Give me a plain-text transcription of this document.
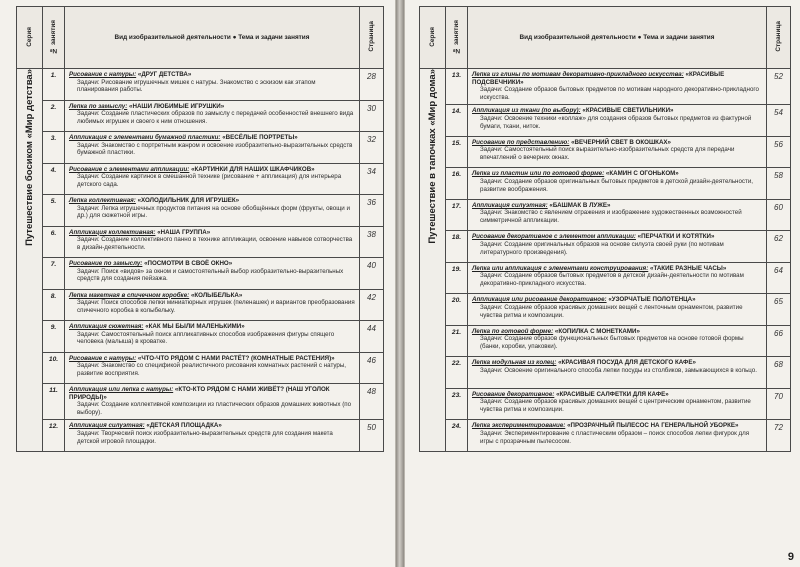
Серия	№ занятия	Вид изобразительной деятельности ● Тема и задачи занятия	Страница
Путешествие босиком «Мир детства»	1.	Рисование с натуры: «ДРУГ ДЕТСТВА»
Задачи: Рисование игрушечных мишек с натуры. Знакомство с эскизом как этапом планирования работы.	28
	2.	Лепка по замыслу: «НАШИ ЛЮБИМЫЕ ИГРУШКИ»
Задачи: Создание пластических образов по замыслу с передачей особенностей внешнего вида любимых игрушек и своего к ним отношения.	30
	3.	Аппликация с элементами бумажной пластики: «ВЕСЁЛЫЕ ПОРТРЕТЫ»
Задачи: Знакомство с портретным жанром и освоение изобразительно-выразительных средств бумажной пластики.	32
	4.	Рисование с элементами аппликации: «КАРТИНКИ ДЛЯ НАШИХ ШКАФЧИКОВ»
Задачи: Создание картинок в смешанной технике (рисование + аппликация) для интерьера детского сада.	34
	5.	Лепка коллективная: «ХОЛОДИЛЬНИК ДЛЯ ИГРУШЕК»
Задачи: Лепка игрушечных продуктов питания на основе обобщённых форм (фрукты, овощи и др.) для сюжетной игры.	36
	6.	Аппликация коллективная: «НАША ГРУППА»
Задачи: Создание коллективного панно в технике аппликации, освоение навыков сотворчества в дизайн-деятельности.	38
	7.	Рисование по замыслу: «ПОСМОТРИ В СВОЁ ОКНО»
Задачи: Поиск «видов» за окном и самостоятельный выбор изобразительно-выразительных средств для создания пейзажа.	40
	8.	Лепка макетная в спичечном коробке: «КОЛЫБЕЛЬКА»
Задачи: Поиск способов лепки миниатюрных игрушек (пеленашек) и вариантов преобразования спичечного коробка в колыбельку.	42
	9.	Аппликация сюжетная: «КАК МЫ БЫЛИ МАЛЕНЬКИМИ»
Задачи: Самостоятельный поиск аппликативных способов изображения фигуры спящего человека (малыша) в кроватке.	44
	10.	Рисование с натуры: «ЧТО-ЧТО РЯДОМ С НАМИ РАСТЁТ? (КОМНАТНЫЕ РАСТЕНИЯ)»
Задачи: Знакомство со спецификой реалистичного рисования комнатных растений с натуры, развитие восприятия.	46
	11.	Аппликация или лепка с натуры: «КТО-КТО РЯДОМ С НАМИ ЖИВЁТ? (НАШ УГОЛОК ПРИРОДЫ)»
Задачи: Создание коллективной композиции из пластических образов домашних животных (по выбору).	48
	12.	Аппликация силуэтная: «ДЕТСКАЯ ПЛОЩАДКА»
Задачи: Творческий поиск изобразительно-выразительных средств для создания макета детской игровой площадки.	50
Серия	№ занятия	Вид изобразительной деятельности ● Тема и задачи занятия	Страница
Путешествие в тапочках «Мир дома»	13.	Лепка из глины по мотивам декоративно-прикладного искусства: «КРАСИВЫЕ ПОДСВЕЧНИКИ»
Задачи: Создание образов бытовых предметов по мотивам народного декоративно-прикладного искусства.	52
	14.	Аппликация из ткани (по выбору): «КРАСИВЫЕ СВЕТИЛЬНИКИ»
Задачи: Освоение техники «коллаж» для создания образов бытовых предметов из фактурной бумаги, ткани, ниток.	54
	15.	Рисование по представлению: «ВЕЧЕРНИЙ СВЕТ В ОКОШКАХ»
Задачи: Самостоятельный поиск выразительно-изобразительных средств для передачи впечатлений о вечерних окнах.	56
	16.	Лепка из пластин или по готовой форме: «КАМИН С ОГОНЬКОМ»
Задачи: Создание образов оригинальных бытовых предметов в детской дизайн-деятельности, развитие воображения.	58
	17.	Аппликация силуэтная: «БАШМАК В ЛУЖЕ»
Задачи: Знакомство с явлением отражения и изображение художественных возможностей симметричной аппликации.	60
	18.	Рисование декоративное с элементом аппликации: «ПЕРЧАТКИ И КОТЯТКИ»
Задачи: Создание оригинальных образов на основе силуэта своей руки (по мотивам литературного произведения).	62
	19.	Лепка или аппликация с элементами конструирования: «ТАКИЕ РАЗНЫЕ ЧАСЫ»
Задачи: Создание образов бытовых предметов в детской дизайн-деятельности по мотивам декоративно-прикладного искусства.	64
	20.	Аппликация или рисование декоративное: «УЗОРЧАТЫЕ ПОЛОТЕНЦА»
Задачи: Создание образов красивых домашних вещей с ленточным орнаментом, развитие чувства ритма и композиции.	65
	21.	Лепка по готовой форме: «КОПИЛКА С МОНЕТКАМИ»
Задачи: Создание образов функциональных бытовых предметов на основе готовой формы (банки, коробки, упаковки).	66
	22.	Лепка модульная из колец: «КРАСИВАЯ ПОСУДА ДЛЯ ДЕТСКОГО КАФЕ»
Задачи: Освоение оригинального способа лепки посуды из столбиков, замыкающихся в кольцо.	68
	23.	Рисование декоративное: «КРАСИВЫЕ САЛФЕТКИ ДЛЯ КАФЕ»
Задачи: Создание образов красивых домашних вещей с центрическим орнаментом, развитие чувства ритма и композиции.	70
	24.	Лепка экспериментирование: «ПРОЗРАЧНЫЙ ПЫЛЕСОС НА ГЕНЕРАЛЬНОЙ УБОРКЕ»
Задачи: Экспериментирование с пластическим образом – поиск способов лепки фигурок для игры с прозрачным пылесосом.	72
9
